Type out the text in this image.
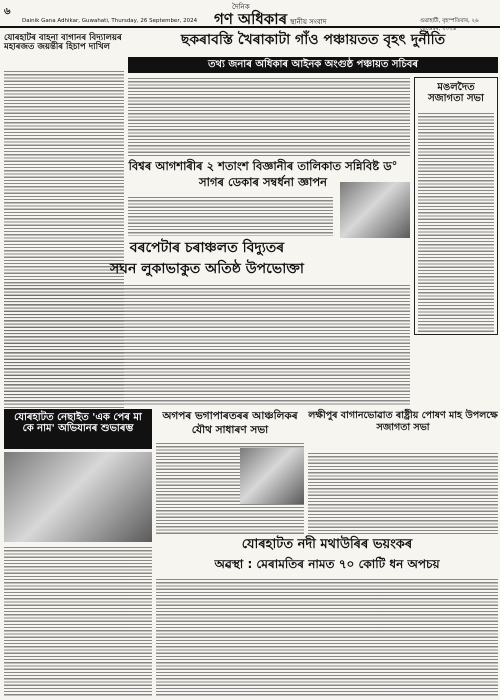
৬	দৈনিক
গণ অধিকাৰ স্থানীয় সংবাদ
Dainik Gana Adhikar, Guwahati, Thursday, 26 September, 2024	গুৱাহাটী, বৃহস্পতিবাৰ, ২৬ ছেপ্তেম্বৰ, ২০২৪
যোৰহাটৰ বাহনা বাগানৰ বিদ্যালয়ৰ মহাৰজত জয়ন্তীৰ হিচাপ দাখিল	ছকৰাবস্তি খৈৰাকাটা গাঁও পঞ্চায়তত বৃহৎ দুৰ্নীতি
তথ্য জনাৰ অধিকাৰ আইনক অংগুষ্ঠ পঞ্চায়ত সচিবৰ
মঙলদৈত সজাগতা সভা
বিশ্বৰ আগশাৰীৰ ২ শতাংশ বিজ্ঞানীৰ তালিকাত সন্নিবিষ্ট ড° সাগৰ ডেকাৰ সম্বৰ্ধনা জ্ঞাপন
বৰপেটাৰ চৰাঞ্চলত বিদ্যুতৰ
সঘন লুকাভাকুত অতিষ্ঠ উপভোক্তা
যোৰহাটত নেছাইত 'এক পেৰ মা কে নাম' অভিযানৰ শুভাৰম্ভ
অগপৰ ভগাপাৰতৰৰ আঞ্চলিকৰ যৌথ সাধাৰণ সভা
লক্ষীপুৰ বাগানভোৱাত ৰাষ্ট্ৰীয় পোষণ মাহ উপলক্ষে সজাগতা সভা
যোৰহাটত নদী মথাউৰিৰ ভয়ংকৰ
অৱস্থা : মেৰামতিৰ নামত ৭০ কোটি ধন অপচয়
